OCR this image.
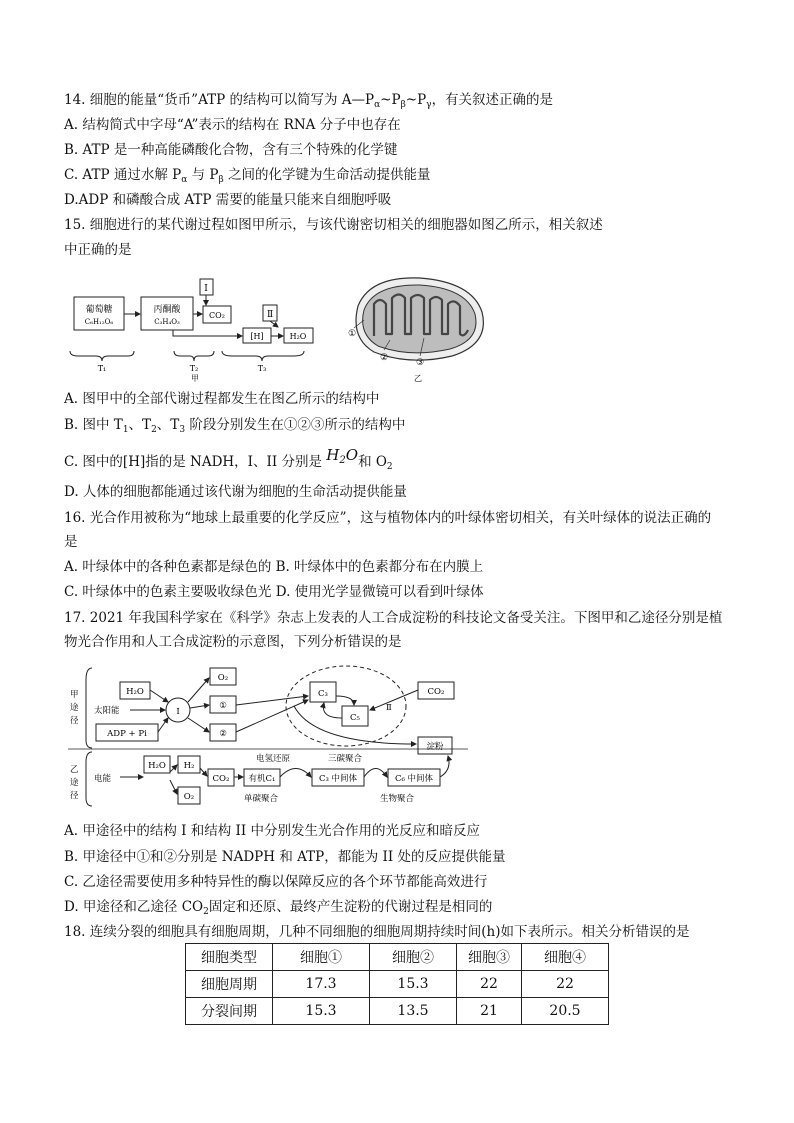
14. 细胞的能量“货币”ATP 的结构可以简写为 $A—P_\alpha\sim P_\beta\sim P_\gamma$，有关叙述正确的是
A. 结构简式中字母“A”表示的结构在 RNA 分子中也存在
B. ATP 是一种高能磷酸化合物，含有三个特殊的化学键
C. ATP 通过水解 $P_\alpha$ 与 $P_\beta$ 之间的化学键为生命活动提供能量
D.ADP 和磷酸合成 ATP 需要的能量只能来自细胞呼吸
15. 细胞进行的某代谢过程如图甲所示，与该代谢密切相关的细胞器如图乙所示，相关叙述
中正确的是
葡萄糖
C₆H₁₂O₆
丙酮酸
C₃H₄O₃
Ⅰ
CO₂	Ⅱ
[H]	H₂O
T₁	T₂	T₃
甲
①
②	③
乙
A. 图甲中的全部代谢过程都发生在图乙所示的结构中
B. 图中 $T_1$、$T_2$、$T_3$ 阶段分别发生在①②③所示的结构中
C. 图中的[H]指的是 NADH，I、II 分别是 $H_2O$和 $O_2$
D. 人体的细胞都能通过该代谢为细胞的生命活动提供能量
16. 光合作用被称为“地球上最重要的化学反应”，这与植物体内的叶绿体密切相关，有关叶绿体的说法正确的
是
A. 叶绿体中的各种色素都是绿色的 B. 叶绿体中的色素都分布在内膜上
C. 叶绿体中的色素主要吸收绿色光 D. 使用光学显微镜可以看到叶绿体
17. 2021 年我国科学家在《科学》杂志上发表的人工合成淀粉的科技论文备受关注。下图甲和乙途径分别是植
物光合作用和人工合成淀粉的示意图，下列分析错误的是
甲
途
径
乙
途
径
H₂O
太阳能
ADP + Pi
Ⅰ
O₂
①
②
C₃
C₅
Ⅱ
CO₂
淀粉
电能
H₂O H₂
O₂
CO₂ 有机C₁	C₃ 中间体	C₆ 中间体
电氢还原	三碳聚合
单碳聚合	生物聚合
A. 甲途径中的结构 I 和结构 II 中分别发生光合作用的光反应和暗反应
B. 甲途径中①和②分别是 NADPH 和 ATP，都能为 II 处的反应提供能量
C. 乙途径需要使用多种特异性的酶以保障反应的各个环节都能高效进行
D. 甲途径和乙途径 $CO_2$固定和还原、最终产生淀粉的代谢过程是相同的
18. 连续分裂的细胞具有细胞周期，几种不同细胞的细胞周期持续时间(h)如下表所示。相关分析错误的是
细胞类型	细胞①	细胞②	细胞③	细胞④
细胞周期	17.3	15.3	22	22
分裂间期	15.3	13.5	21	20.5
